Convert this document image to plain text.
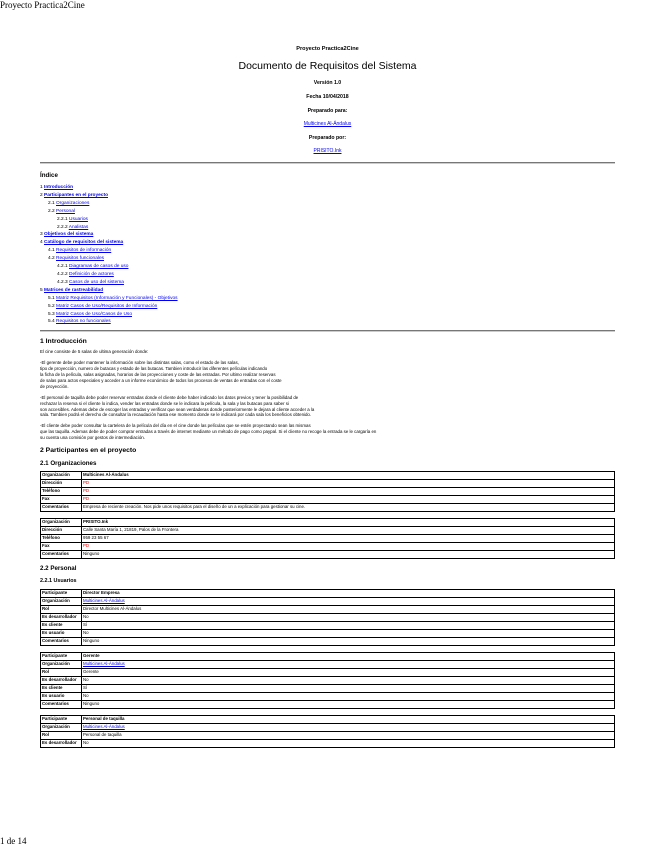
Proyecto Practica2Cine
Proyecto Practica2Cine
Documento de Requisitos del Sistema
Versión 1.0
Fecha 10/04/2018
Preparado para:
Multicines Al-Ándalus
Preparado por:
PRISITO.Ink
Índice
1 Introducción
2 Participantes en el proyecto
2.1 Organizaciones
2.2 Personal
2.2.1 Usuarios
2.2.2 Analistas
3 Objetivos del sistema
4 Catálogo de requisitos del sistema
4.1 Requisitos de información
4.2 Requisitos funcionales
4.2.1 Diagramas de casos de uso
4.2.2 Definición de actores
4.2.3 Casos de uso del sistema
5 Matrices de rastreabilidad
5.1 Matriz Requisitos (Información y Funcionales) - Objetivos
5.2 Matriz Casos de Uso/Requisitos de Información
5.3 Matriz Casos de Uso/Casos de Uso
5.4 Requisitos no funcionales
1 Introducción
El cine consiste de 5 salas de ultima generación donde:
-El gerente debe poder mantener la información sobre las distintas salas, como el estado de las salas,
tipo de proyección, numero de butacas y estado de las butacas. Tambien introducir las diferentes películas indicando
la ficha de la película, salas asignadas, horarios de las proyecciones y coste de las entradas. Por ultimo realizar reservas
de salas para actos especiales y acceder a un informe económico de todos los procesos de ventas de entradas con el coste
de proyección.

-El personal de taquilla debe poder reservar entradas donde el cliente debe haber indicado los datos previos y tener la posibilidad de
rechazar la reserva si el cliente lo indica, vender las entradas donde se le indicara la película, la sala y las butacas para saber si
son accesibles. Ademas debe de escoger las entradas y verificar que sean verdaderas donde posteriormente le dejara al cliente acceder a la
sala. Tambien podrá el derecho de consultar la recaudación hasta ese momento donde se le indicará por cada sala los beneficios obtenido.

-El cliente debe poder consultar la cartelera de la película del día en el cine donde las películas que se estén proyectando sean las mismas
que las taquilla. Ademas debe de poder comprar entradas a través de internet mediante un método de pago como paypal. Si el cliente no recoge la entrada se le cargaría en
su cuenta una comisión por gestos de intermediación.

2 Participantes en el proyecto
2.1 Organizaciones
Organización	Multicines Al-Ándalus
Dirección	PD
Teléfono	PD
Fax	PD
Comentarios	Empresa de reciente creación. Nos pide unos requisitos para el diseño de un a explicación para gestionar su cine.
Organización	PRISITO.Ink
Dirección	Calle Santa María 1, 21819, Palos de la Frontera
Teléfono	959 23 55 67
Fax	PD
Comentarios	Ninguno
2.2 Personal
2.2.1 Usuarios
Participante	Director Empresa
Organización	Multicines Al-Ándalus
Rol	Director Multicines Al-Ándalus
Es desarrollador	No
Es cliente	Sí
Es usuario	No
Comentarios	Ninguno
Participante	Gerente
Organización	Multicines Al-Ándalus
Rol	Gerente
Es desarrollador	No
Es cliente	Sí
Es usuario	No
Comentarios	Ninguno
Participante	Personal de taquilla
Organización	Multicines Al-Ándalus
Rol	Personal de taquilla
Es desarrollador	No
1 de 14
